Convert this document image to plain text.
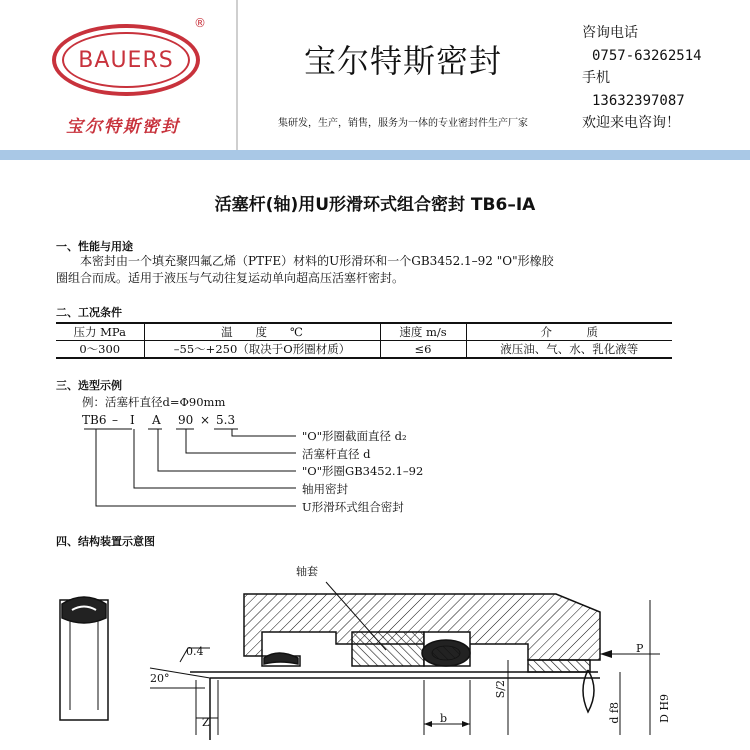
BAUERS
®
宝尔特斯密封
宝尔特斯密封
集研发，生产，销售，服务为一体的专业密封件生产厂家
咨询电话
0757-63262514
手机
13632397087
欢迎来电咨询！
活塞杆(轴)用U形滑环式组合密封 TB6–IA
一、性能与用途
本密封由一个填充聚四氟乙烯（PTFE）材料的U形滑环和一个GB3452.1–92 "O"形橡胶
圈组合而成。适用于液压与气动往复运动单向超高压活塞杆密封。
二、工况条件
压力 MPa	温　　度　　℃	速度 m/s	介　　　质
0～300	–55～+250（取决于O形圈材质）	≤6	液压油、气、水、乳化液等
三、选型示例
例：活塞杆直径d=Φ90mm
TB6 – I A 90 × 5.3
"O"形圈截面直径 d₂
活塞杆直径 d
"O"形圈GB3452.1–92
轴用密封
U形滑环式组合密封
四、结构装置示意图
轴套
0.4
20°
Z	b
S/2
P
d f8	D H9
